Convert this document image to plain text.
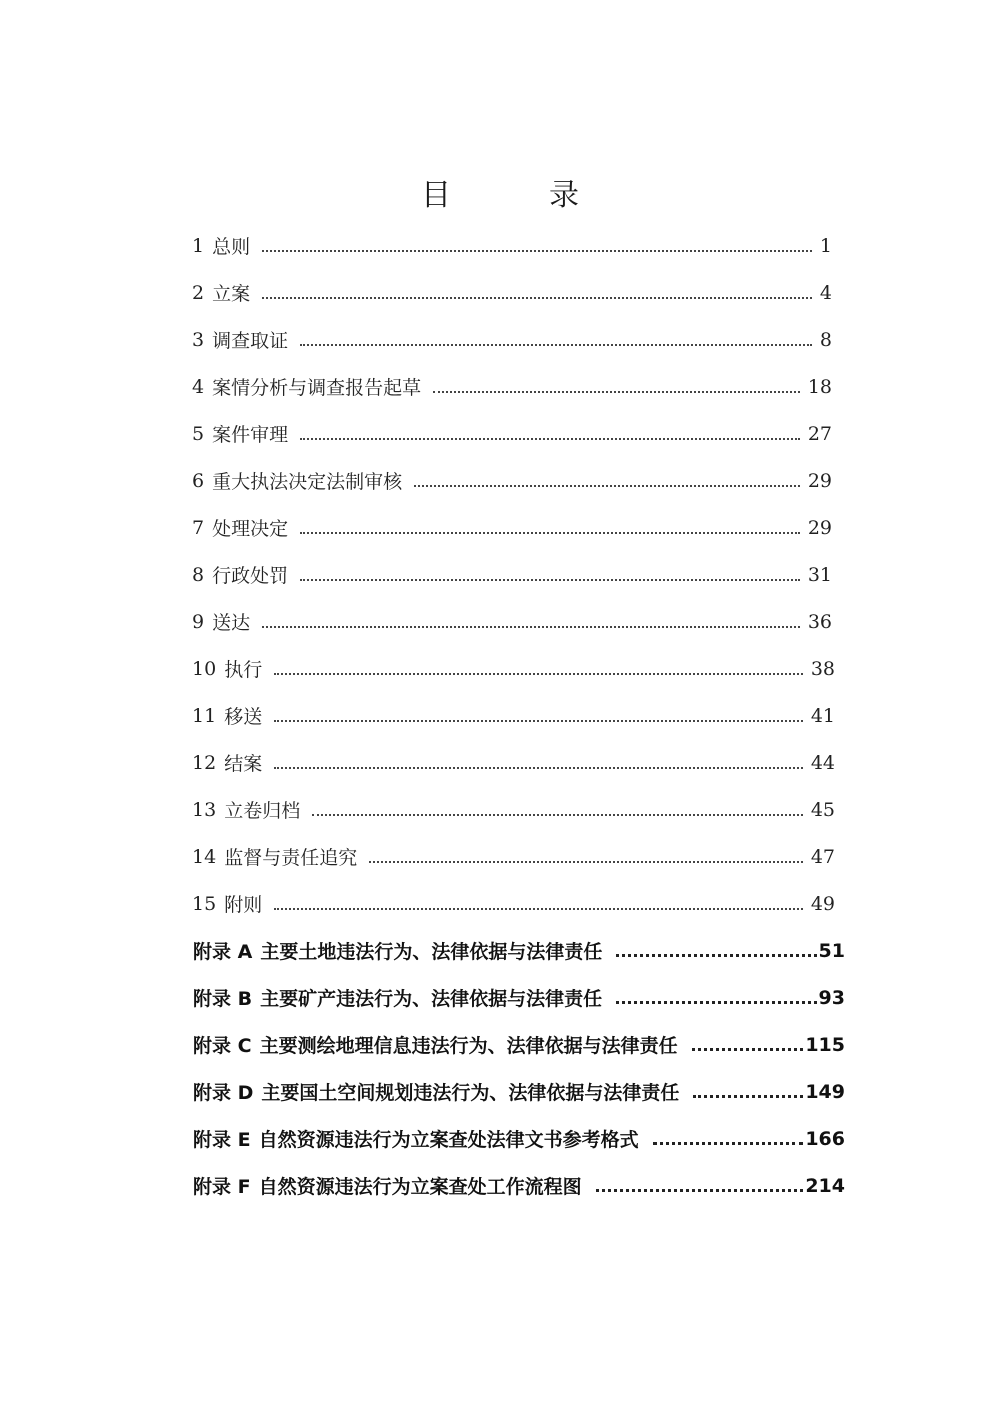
目　录
1 总则	1
2 立案	4
3 调查取证	8
4 案情分析与调查报告起草	18
5 案件审理	27
6 重大执法决定法制审核	29
7 处理决定	29
8 行政处罚	31
9 送达	36
10 执行	38
11 移送	41
12 结案	44
13 立卷归档	45
14 监督与责任追究	47
15 附则	49
附录 A 主要土地违法行为、法律依据与法律责任	51
附录 B 主要矿产违法行为、法律依据与法律责任	93
附录 C 主要测绘地理信息违法行为、法律依据与法律责任	115
附录 D 主要国土空间规划违法行为、法律依据与法律责任	149
附录 E 自然资源违法行为立案查处法律文书参考格式	166
附录 F 自然资源违法行为立案查处工作流程图	214
